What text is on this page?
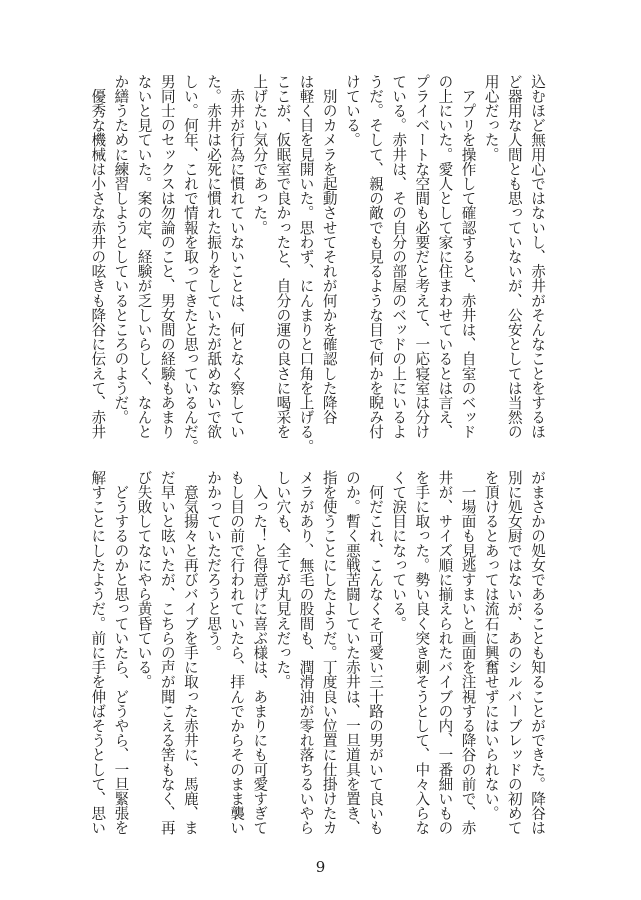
込むほど無用心ではないし、赤井がそんなことをするほ
ど器用な人間とも思っていないが、公安としては当然の
用心だった。
　アプリを操作して確認すると、赤井は、自室のベッド
の上にいた。愛人として家に住まわせているとは言え、
プライベートな空間も必要だと考えて、一応寝室は分け
ている。赤井は、その自分の部屋のベッドの上にいるよ
うだ。そして、親の敵でも見るような目で何かを睨み付
けている。
　別のカメラを起動させてそれが何かを確認した降谷
は軽く目を見開いた。思わず、にんまりと口角を上げる。
ここが、仮眠室で良かったと、自分の運の良さに喝采を
上げたい気分であった。
　赤井が行為に慣れていないことは、何となく察してい
た。赤井は必死に慣れた振りをしていたが舐めないで欲
しい。何年、これで情報を取ってきたと思っているんだ。
男同士のセックスは勿論のこと、男女間の経験もあまり
ないと見ていた。案の定、経験が乏しいらしく、なんと
か繕うために練習しようとしているところのようだ。
　優秀な機械は小さな赤井の呟きも降谷に伝えて、赤井
がまさかの処女であることも知ることができた。降谷は
別に処女厨ではないが、あのシルバーブレッドの初めて
を頂けるとあっては流石に興奮せずにはいられない。
　一場面も見逃すまいと画面を注視する降谷の前で、赤
井が、サイズ順に揃えられたバイブの内、一番細いもの
を手に取った。勢い良く突き刺そうとして、中々入らな
くて涙目になっている。
　何だこれ、こんなくそ可愛い三十路の男がいて良いも
のか。暫く悪戦苦闘していた赤井は、一旦道具を置き、
指を使うことにしたようだ。丁度良い位置に仕掛けたカ
メラがあり、無毛の股間も、潤滑油が零れ落ちるいやら
しい穴も、全てが丸見えだった。
　入った！と得意げに喜ぶ様は、あまりにも可愛すぎて
もし目の前で行われていたら、拝んでからそのまま襲い
かかっていただろうと思う。
　意気揚々と再びバイブを手に取った赤井に、馬鹿、ま
だ早いと呟いたが、こちらの声が聞こえる筈もなく、再
び失敗してなにやら黄昏ている。
　どうするのかと思っていたら、どうやら、一旦緊張を
解すことにしたようだ。前に手を伸ばそうとして、思い
9
